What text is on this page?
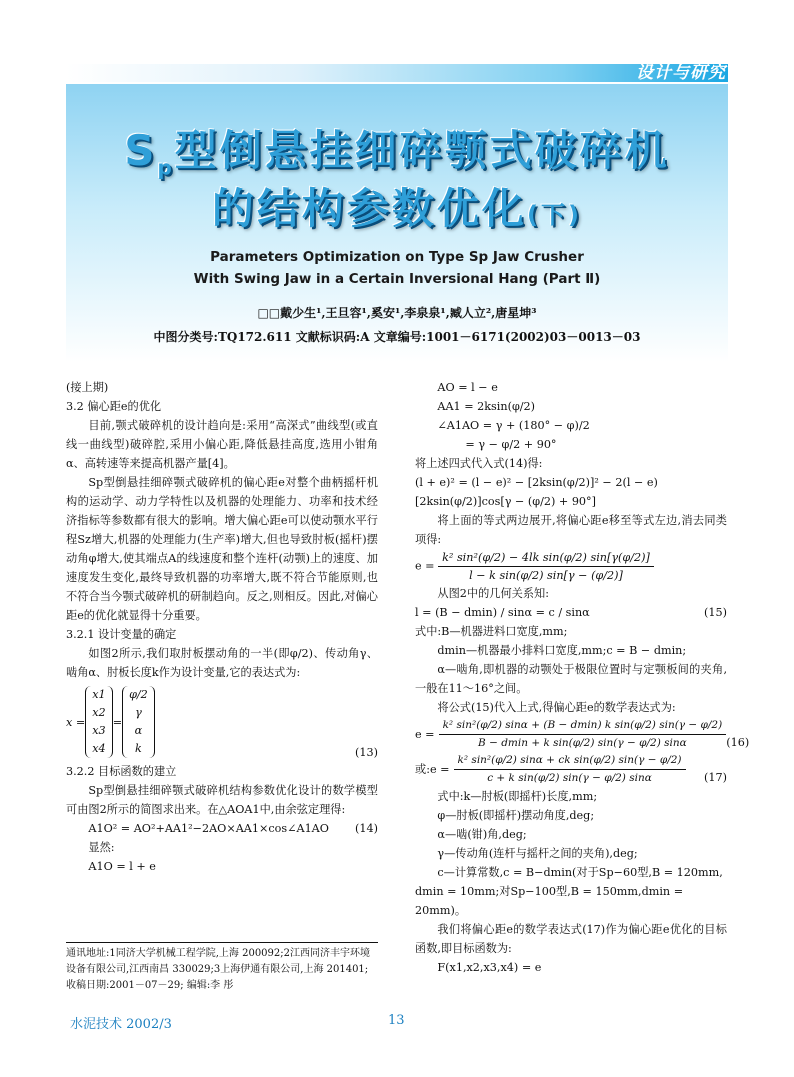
设计与研究
$S_p$型倒悬挂细碎颚式破碎机
的结构参数优化(下)
Parameters Optimization on Type Sp Jaw Crusher
With Swing Jaw in a Certain Inversional Hang (Part Ⅱ)
□□戴少生¹,王旦容¹,奚安¹,李泉泉¹,臧人立²,唐星坤³
中图分类号:TQ172.611 文献标识码:A 文章编号:1001－6171(2002)03－0013－03
(接上期)
3.2 偏心距e的优化
目前,颚式破碎机的设计趋向是:采用“高深式”曲线型(或直线一曲线型)破碎腔,采用小偏心距,降低悬挂高度,选用小钳角α、高转速等来提高机器产量[4]。
Sp型倒悬挂细碎颚式破碎机的偏心距e对整个曲柄摇杆机构的运动学、动力学特性以及机器的处理能力、功率和技术经济指标等参数都有很大的影响。增大偏心距e可以使动颚水平行程Sz增大,机器的处理能力(生产率)增大,但也导致肘板(摇杆)摆动角φ增大,使其端点A的线速度和整个连杆(动颚)上的速度、加速度发生变化,最终导致机器的功率增大,既不符合节能原则,也不符合当今颚式破碎机的研制趋向。反之,则相反。因此,对偏心距e的优化就显得十分重要。
3.2.1 设计变量的确定
如图2所示,我们取肘板摆动角的一半(即φ/2)、传动角γ、啮角α、肘板长度k作为设计变量,它的表达式为:
x =
x1
x2
x3
x4
=
φ/2
γ
α
k	(13)
3.2.2 目标函数的建立
Sp型倒悬挂细碎颚式破碎机结构参数优化设计的数学模型可由图2所示的简图求出来。在△AOA1中,由余弦定理得:
A1O² = AO²+AA1²−2AO×AA1×cos∠A1AO (14)
显然:
A1O = l + e
AO = l − e
AA1 = 2ksin(φ/2)
∠A1AO = γ + (180° − φ)/2
= γ − φ/2 + 90°
将上述四式代入式(14)得:
(l + e)² = (l − e)² − [2ksin(φ/2)]² − 2(l − e)[2ksin(φ/2)]cos[γ − (φ/2) + 90°]
将上面的等式两边展开,将偏心距e移至等式左边,消去同类项得:
$e = \frac{\text{k² sin²(φ/2) − 4lk sin(φ/2) sin[γ(φ/2)]}}{\text{l − k sin(φ/2) sin[γ − (φ/2)]}}$
从图2中的几何关系知:
l = (B − dmin) / sinα = c / sinα	(15)
式中:B—机器进料口宽度,mm;
dmin—机器最小排料口宽度,mm;c = B − dmin;
α—啮角,即机器的动颚处于极限位置时与定颚板间的夹角,一般在11～16°之间。
将公式(15)代入上式,得偏心距e的数学表达式为:
$e = \frac{\text{k² sin²(φ/2) sinα + (B − dmin) k sin(φ/2) sin(γ − φ/2)}}{\text{B − dmin + k sin(φ/2) sin(γ − φ/2) sinα}} (16)$
或:e = $\frac{\text{k² sin²(φ/2) sinα + ck sin(φ/2) sin(γ − φ/2)}}{\text{c + k sin(φ/2) sin(γ − φ/2) sinα}} (17)$
式中:k—肘板(即摇杆)长度,mm;
φ—肘板(即摇杆)摆动角度,deg;
α—啮(钳)角,deg;
γ—传动角(连杆与摇杆之间的夹角),deg;
c—计算常数,c = B−dmin(对于Sp−60型,B = 120mm,
dmin = 10mm;对Sp−100型,B = 150mm,dmin = 20mm)。
我们将偏心距e的数学表达式(17)作为偏心距e优化的目标函数,即目标函数为:
F(x1,x2,x3,x4) = e
通讯地址:1同济大学机械工程学院,上海 200092;2江西同济丰宇环境设备有限公司,江西南昌 330029;3上海伊通有限公司,上海 201401; 收稿日期:2001－07－29; 编辑:李 彤
水泥技术 2002/3	13
